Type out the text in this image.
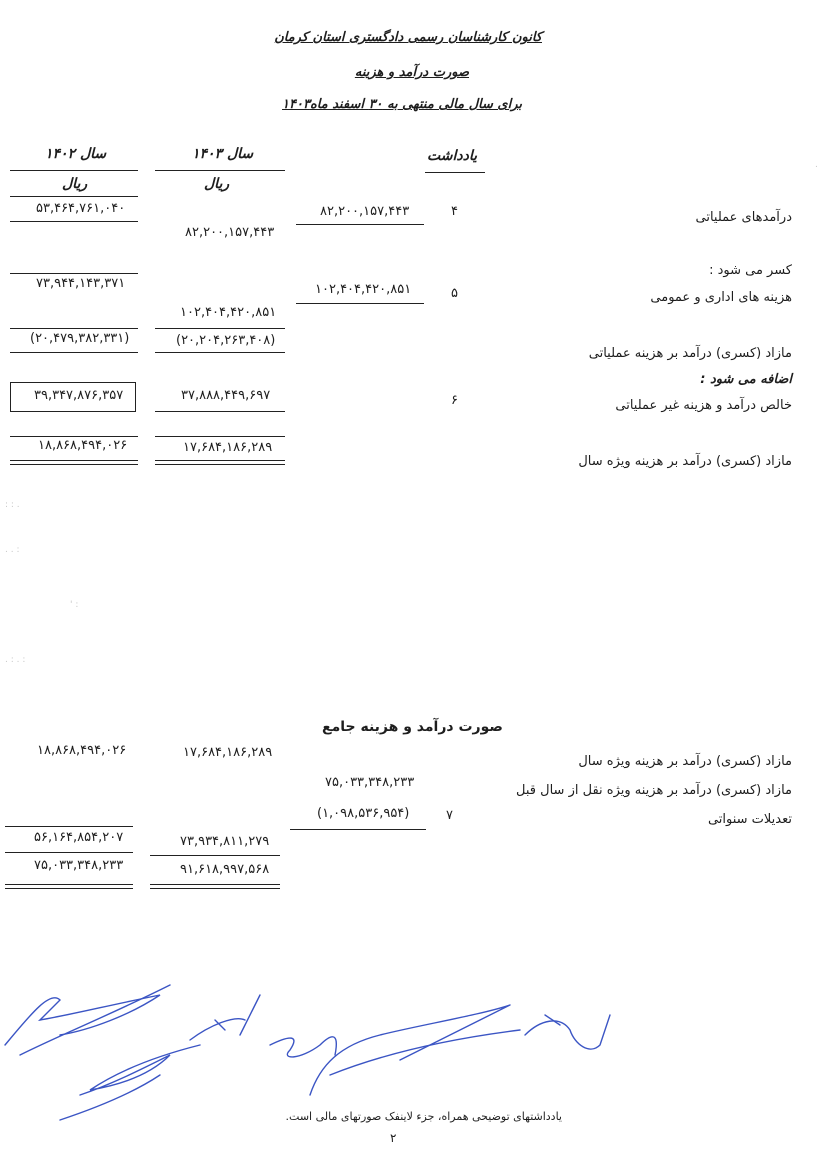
کانون کارشناسان رسمی دادگستری استان کرمان
صورت درآمد و هزینه
برای سال مالی منتهی به ۳۰ اسفند ماه۱۴۰۳
یادداشت
سال ۱۴۰۳
ریال
سال ۱۴۰۲
ریال
درآمدهای عملیاتی
۴
۸۲,۲۰۰,۱۵۷,۴۴۳
۸۲,۲۰۰,۱۵۷,۴۴۳
۵۳,۴۶۴,۷۶۱,۰۴۰
کسر می شود :
هزینه های اداری و عمومی
۵
۱۰۲,۴۰۴,۴۲۰,۸۵۱
۷۳,۹۴۴,۱۴۳,۳۷۱
۱۰۲,۴۰۴,۴۲۰,۸۵۱
مازاد (کسری) درآمد بر هزینه عملیاتی
(۲۰,۲۰۴,۲۶۳,۴۰۸)
(۲۰,۴۷۹,۳۸۲,۳۳۱)
اضافه می شود :
خالص درآمد و هزینه غیر عملیاتی
۶
۳۷,۸۸۸,۴۴۹,۶۹۷
۳۹,۳۴۷,۸۷۶,۳۵۷
مازاد (کسری) درآمد بر هزینه ویژه سال
۱۷,۶۸۴,۱۸۶,۲۸۹
۱۸,۸۶۸,۴۹۴,۰۲۶
: : .
. . :
' :
. : . :
.
صورت درآمد و هزینه جامع
مازاد (کسری) درآمد بر هزینه ویژه سال
۱۷,۶۸۴,۱۸۶,۲۸۹
۱۸,۸۶۸,۴۹۴,۰۲۶
مازاد (کسری) درآمد بر هزینه ویژه نقل از سال قبل
۷۵,۰۳۳,۳۴۸,۲۳۳
تعدیلات سنواتی
۷
(۱,۰۹۸,۵۳۶,۹۵۴)
۷۳,۹۳۴,۸۱۱,۲۷۹
۵۶,۱۶۴,۸۵۴,۲۰۷
۹۱,۶۱۸,۹۹۷,۵۶۸
۷۵,۰۳۳,۳۴۸,۲۳۳
یادداشتهای توضیحی همراه، جزء لاینفک صورتهای مالی است.
۲
